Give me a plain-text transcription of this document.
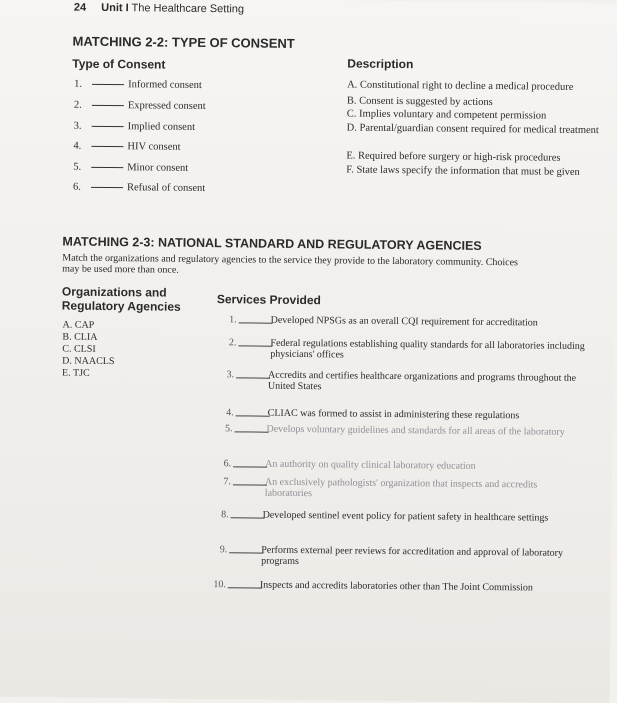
24 Unit I The Healthcare Setting
MATCHING 2-2: TYPE OF CONSENT
Type of Consent	Description
1.	Informed consent
2.	Expressed consent
3.	Implied consent
4.	HIV consent
5.	Minor consent
6.	Refusal of consent
A. Constitutional right to decline a medical procedure
B. Consent is suggested by actions
C. Implies voluntary and competent permission
D. Parental/guardian consent required for medical treatment
E. Required before surgery or high-risk procedures
F. State laws specify the information that must be given
MATCHING 2-3: NATIONAL STANDARD AND REGULATORY AGENCIES
Match the organizations and regulatory agencies to the service they provide to the laboratory community. Choices may be used more than once.
Organizations and Regulatory Agencies	Services Provided
A. CAP
B. CLIA
C. CLSI
D. NAACLS
E. TJC
1.	Developed NPSGs as an overall CQI requirement for accreditation
2.	Federal regulations establishing quality standards for all laboratories including physicians' offices
3.	Accredits and certifies healthcare organizations and programs throughout the United States
4.	CLIAC was formed to assist in administering these regulations
5.	Develops voluntary guidelines and standards for all areas of the laboratory
6.	An authority on quality clinical laboratory education
7.	An exclusively pathologists' organization that inspects and accredits laboratories
8.	Developed sentinel event policy for patient safety in healthcare settings
9.	Performs external peer reviews for accreditation and approval of laboratory programs
10.	Inspects and accredits laboratories other than The Joint Commission
